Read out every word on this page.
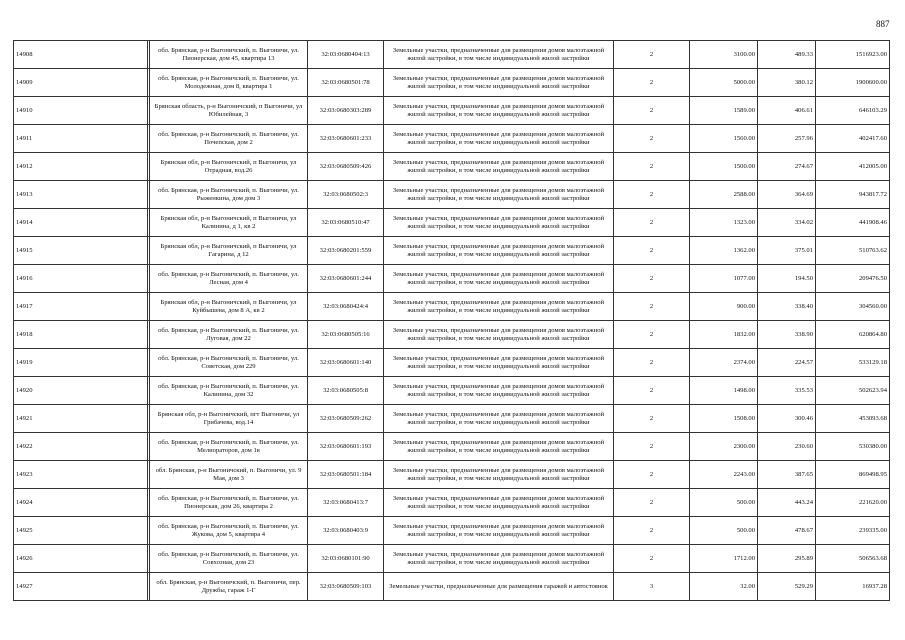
887
14908		обл. Брянская, р-н Выгоничский, п. Выгоничи, ул. Пионерская, дом 45, квартира 13	32:03:0680404:13	Земельные участки, предназначенные для размещения домов малоэтажной жилой застройки, в том числе индивидуальной жилой застройки	2	3100.00	489.33	1516923.00
14909		обл. Брянская, р-н Выгоничский, п. Выгоничи, ул. Молодежная, дом 8, квартира 1	32:03:0680501:78	Земельные участки, предназначенные для размещения домов малоэтажной жилой застройки, в том числе индивидуальной жилой застройки	2	5000.00	380.12	1900600.00
14910		Брянская область, р-н Выгоничский, п Выгоничи, ул Юбилейная, 3	32:03:0680303:289	Земельные участки, предназначенные для размещения домов малоэтажной жилой застройки, в том числе индивидуальной жилой застройки	2	1589.00	406.61	646103.29
14911		обл. Брянская, р-н Выгоничский, п. Выгоничи, ул. Почепская, дом 2	32:03:0680601:233	Земельные участки, предназначенные для размещения домов малоэтажной жилой застройки, в том числе индивидуальной жилой застройки	2	1560.00	257.96	402417.60
14912		Брянская обл, р-н Выгоничский, п Выгоничи, ул Отрадная, вод.26	32:03:0680509:426	Земельные участки, предназначенные для размещения домов малоэтажной жилой застройки, в том числе индивидуальной жилой застройки	2	1500.00	274.67	412005.00
14913		обл. Брянская, р-н Выгоничский, п. Выгоничи, ул. Рыженкина, дом дом 3	32:03:0680502:3	Земельные участки, предназначенные для размещения домов малоэтажной жилой застройки, в том числе индивидуальной жилой застройки	2	2588.00	364.69	943817.72
14914		Брянская обл, р-н Выгоничский, п Выгоничи, ул Калинина, д 1, кв 2	32:03:0680510:47	Земельные участки, предназначенные для размещения домов малоэтажной жилой застройки, в том числе индивидуальной жилой застройки	2	1323.00	334.02	441908.46
14915		Брянская обл, р-н Выгоничский, п Выгоничи, ул Гагарина, д 12	32:03:0680201:559	Земельные участки, предназначенные для размещения домов малоэтажной жилой застройки, в том числе индивидуальной жилой застройки	2	1362.00	375.01	510763.62
14916		обл. Брянская, р-н Выгоничский, п. Выгоничи, ул. Лесная, дом 4	32:03:0680601:244	Земельные участки, предназначенные для размещения домов малоэтажной жилой застройки, в том числе индивидуальной жилой застройки	2	1077.00	194.50	209476.50
14917		Брянская обл, р-н Выгоничский, п Выгоничи, ул Куйбышева, дом 8 А, кв 2	32:03:0680424:4	Земельные участки, предназначенные для размещения домов малоэтажной жилой застройки, в том числе индивидуальной жилой застройки	2	900.00	338.40	304560.00
14918		обл. Брянская, р-н Выгоничский, п. Выгоничи, ул. Луговая, дом 22	32:03:0680505:16	Земельные участки, предназначенные для размещения домов малоэтажной жилой застройки, в том числе индивидуальной жилой застройки	2	1832.00	338.90	620864.80
14919		обл. Брянская, р-н Выгоничский, п. Выгоничи, ул. Советская, дом 229	32:03:0680601:140	Земельные участки, предназначенные для размещения домов малоэтажной жилой застройки, в том числе индивидуальной жилой застройки	2	2374.00	224.57	533129.18
14920		обл. Брянская, р-н Выгоничский, п. Выгоничи, ул. Калинина, дом 32	32:03:0680505:8	Земельные участки, предназначенные для размещения домов малоэтажной жилой застройки, в том числе индивидуальной жилой застройки	2	1498.00	335.53	502623.94
14921		Брянская обл, р-н Выгоничский, пгт Выгоничи, ул Грибачева, вод.14	32:03:0680509:262	Земельные участки, предназначенные для размещения домов малоэтажной жилой застройки, в том числе индивидуальной жилой застройки	2	1508.00	300.46	453093.68
14922		обл. Брянская, р-н Выгоничский, п. Выгоничи, ул. Мелиораторов, дом 1в	32:03:0680601:193	Земельные участки, предназначенные для размещения домов малоэтажной жилой застройки, в том числе индивидуальной жилой застройки	2	2300.00	230.60	530380.00
14923		обл. Брянская, р-н Выгоничский, п. Выгоничи, ул. 9 Мая, дом 3	32:03:0680501:184	Земельные участки, предназначенные для размещения домов малоэтажной жилой застройки, в том числе индивидуальной жилой застройки	2	2243.00	387.65	869498.95
14924		обл. Брянская, р-н Выгоничский, п. Выгоничи, ул. Пионерская, дом 26, квартира 2	32:03:0680413:7	Земельные участки, предназначенные для размещения домов малоэтажной жилой застройки, в том числе индивидуальной жилой застройки	2	500.00	443.24	221620.00
14925		обл. Брянская, р-н Выгоничский, п. Выгоничи, ул. Жукова, дом 5, квартира 4	32:03:0680403:9	Земельные участки, предназначенные для размещения домов малоэтажной жилой застройки, в том числе индивидуальной жилой застройки	2	500.00	478.67	239335.00
14926		обл. Брянская, р-н Выгоничский, п. Выгоничи, ул. Совхозная, дом 23	32:03:0680101:90	Земельные участки, предназначенные для размещения домов малоэтажной жилой застройки, в том числе индивидуальной жилой застройки	2	1712.00	295.89	506563.68
14927		обл. Брянская, р-н Выгоничский, п. Выгоничи, пер. Дружбы, гараж 1-Г	32:03:0680509:103	Земельные участки, предназначенные для размещения гаражей и автостоянок	3	32.00	529.29	16937.28
